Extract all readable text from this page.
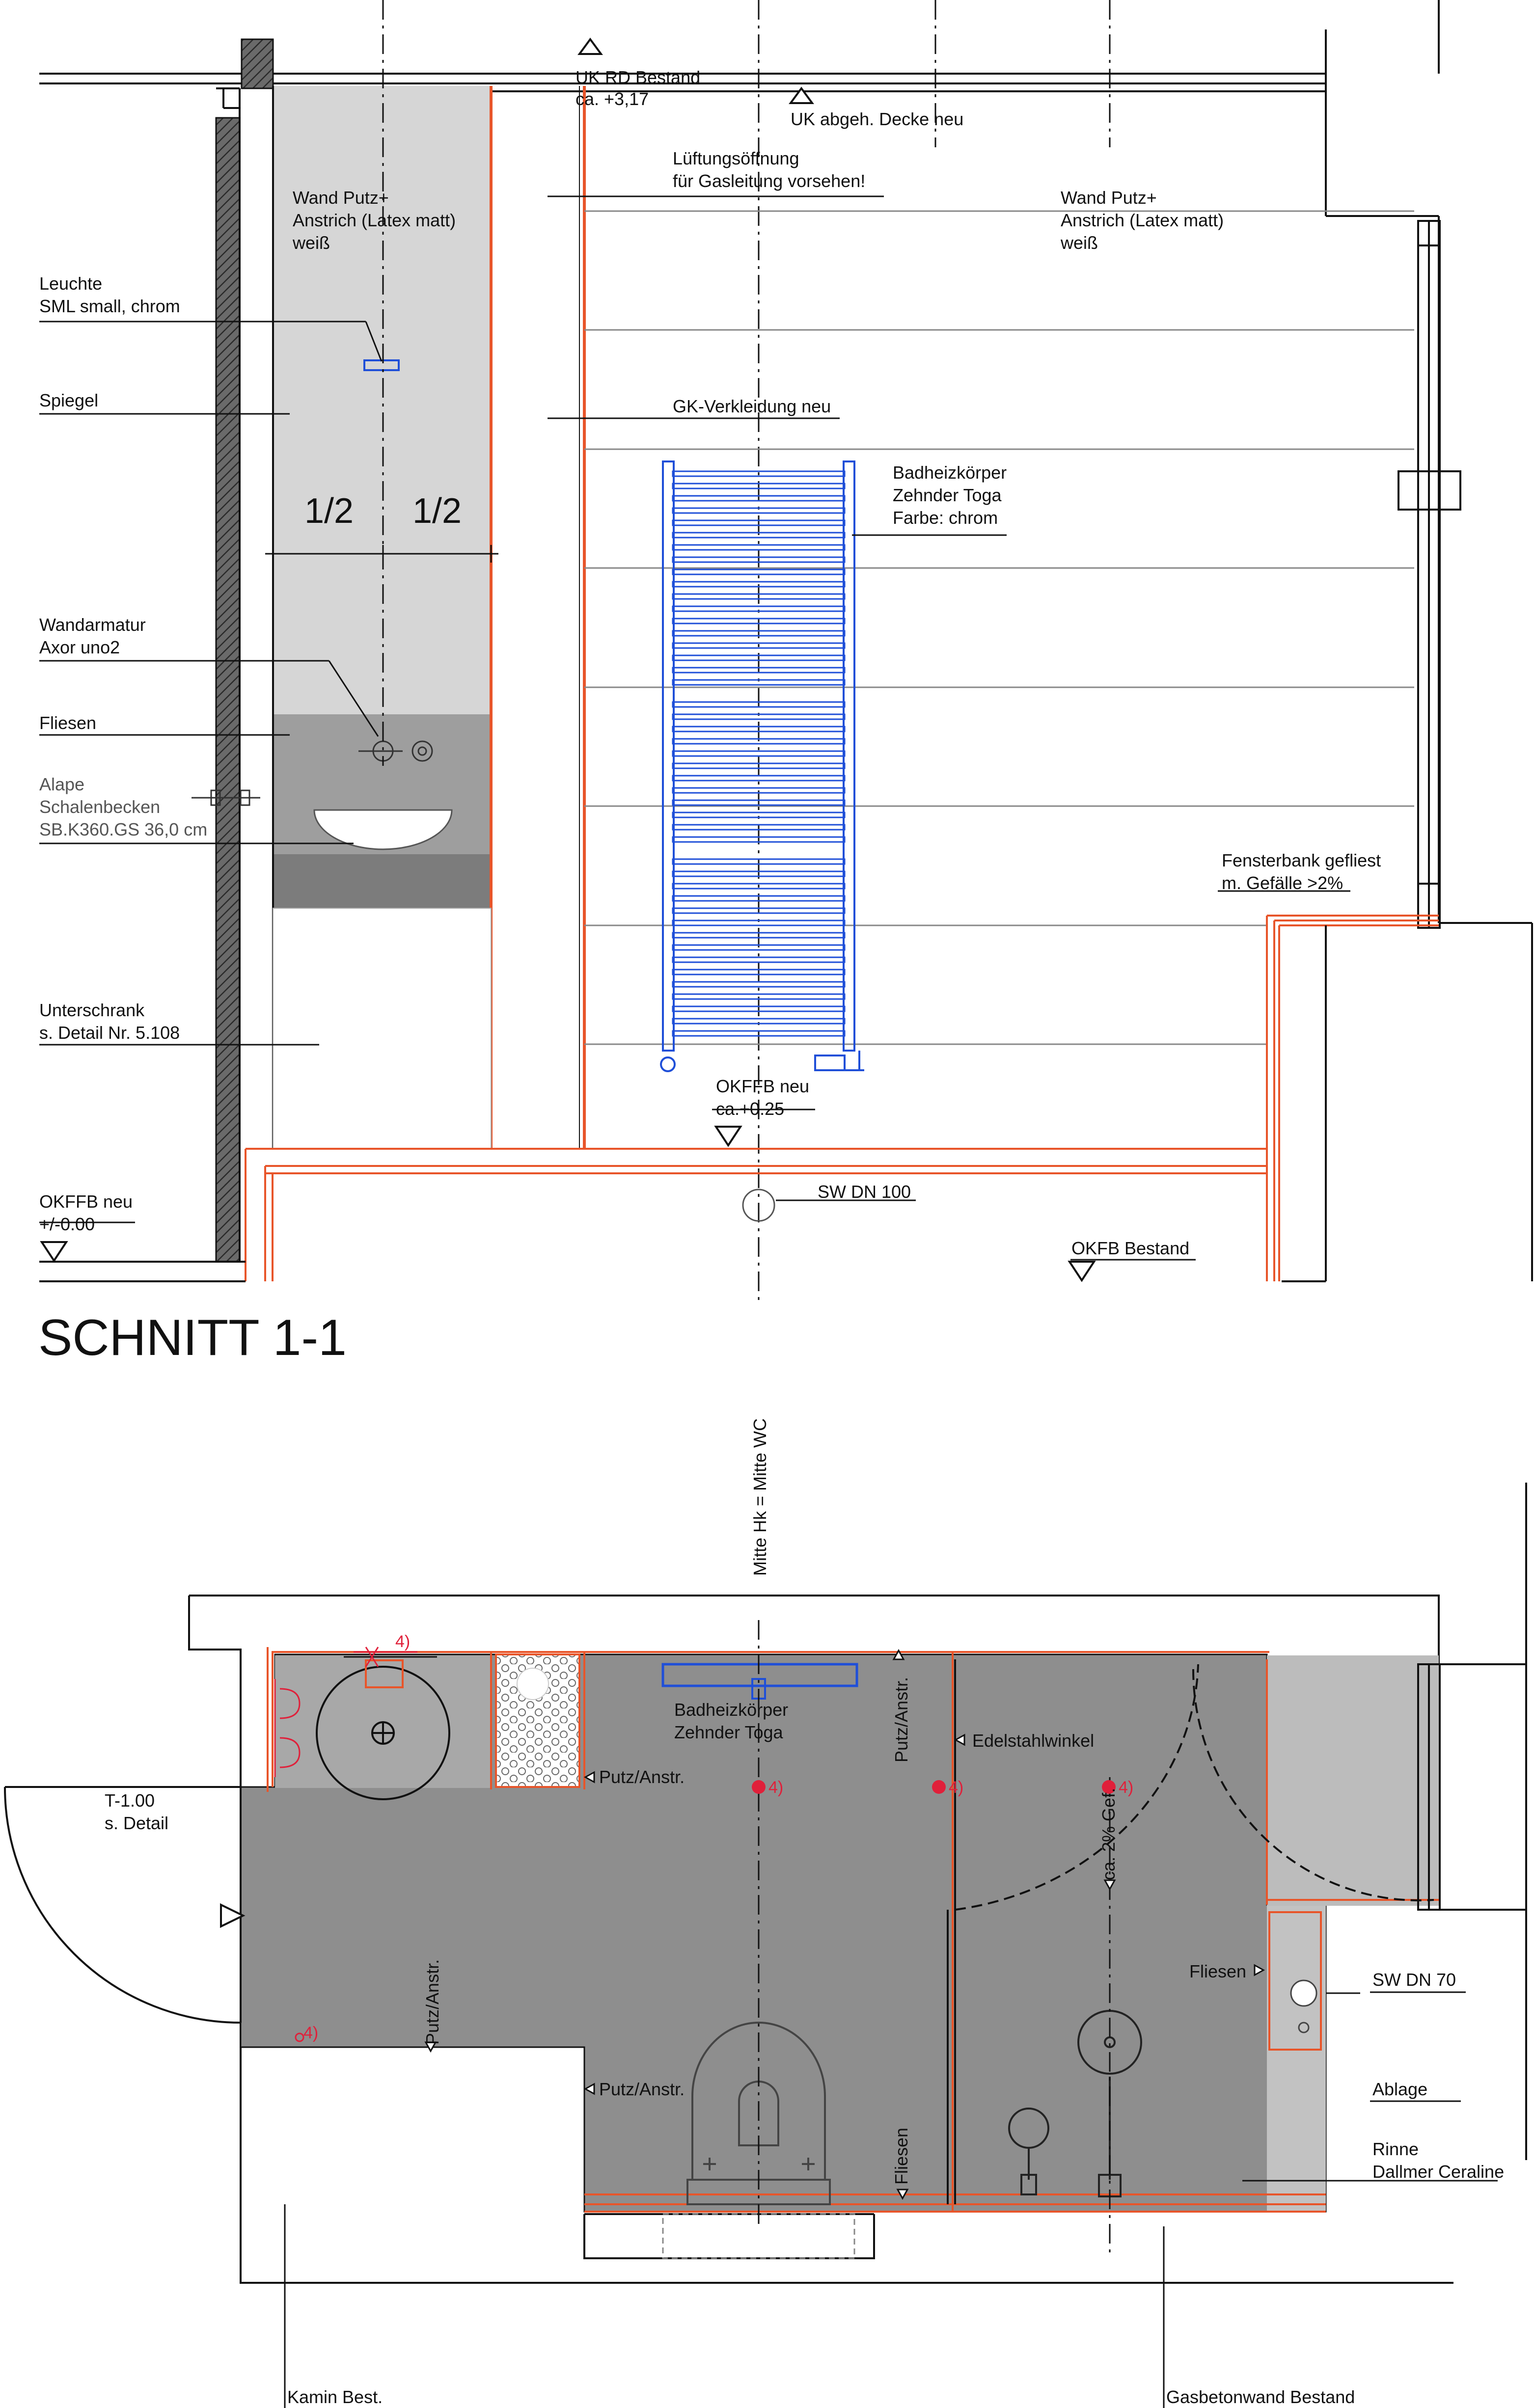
UK RD Bestand ca. +3,17
UK abgeh. Decke neu
Lüftungsöffnung für Gasleitung vorsehen!
Wand Putz+ Anstrich (Latex matt) weiß
Wand Putz+ Anstrich (Latex matt) weiß
Leuchte SML small, chrom
Spiegel	GK-Verkleidung neu
Badheizkörper Zehnder Toga Farbe: chrom
1/2 1/2
Wandarmatur Axor uno2
Fliesen
Alape Schalenbecken SB.K360.GS 36,0 cm
Fensterbank gefliest m. Gefälle >2%
Unterschrank s. Detail Nr. 5.108
OKFFB neu ca.+0.25
SW DN 100
OKFFB neu +/-0.00
OKFB Bestand
SCHNITT 1-1
Mitte Hk = Mitte WC
Badheizkörper Zehnder Toga
4)
4)	4)	4)
4)
T-1.00 s. Detail
Putz/Anstr.
Putz/Anstr.
Putz/Anstr.
Putz/Anstr.	Edelstahlwinkel
ca. 2% Gef.
Fliesen
Fliesen
SW DN 70
Ablage
Rinne Dallmer Ceraline
Kamin Best.	Gasbetonwand Bestand
